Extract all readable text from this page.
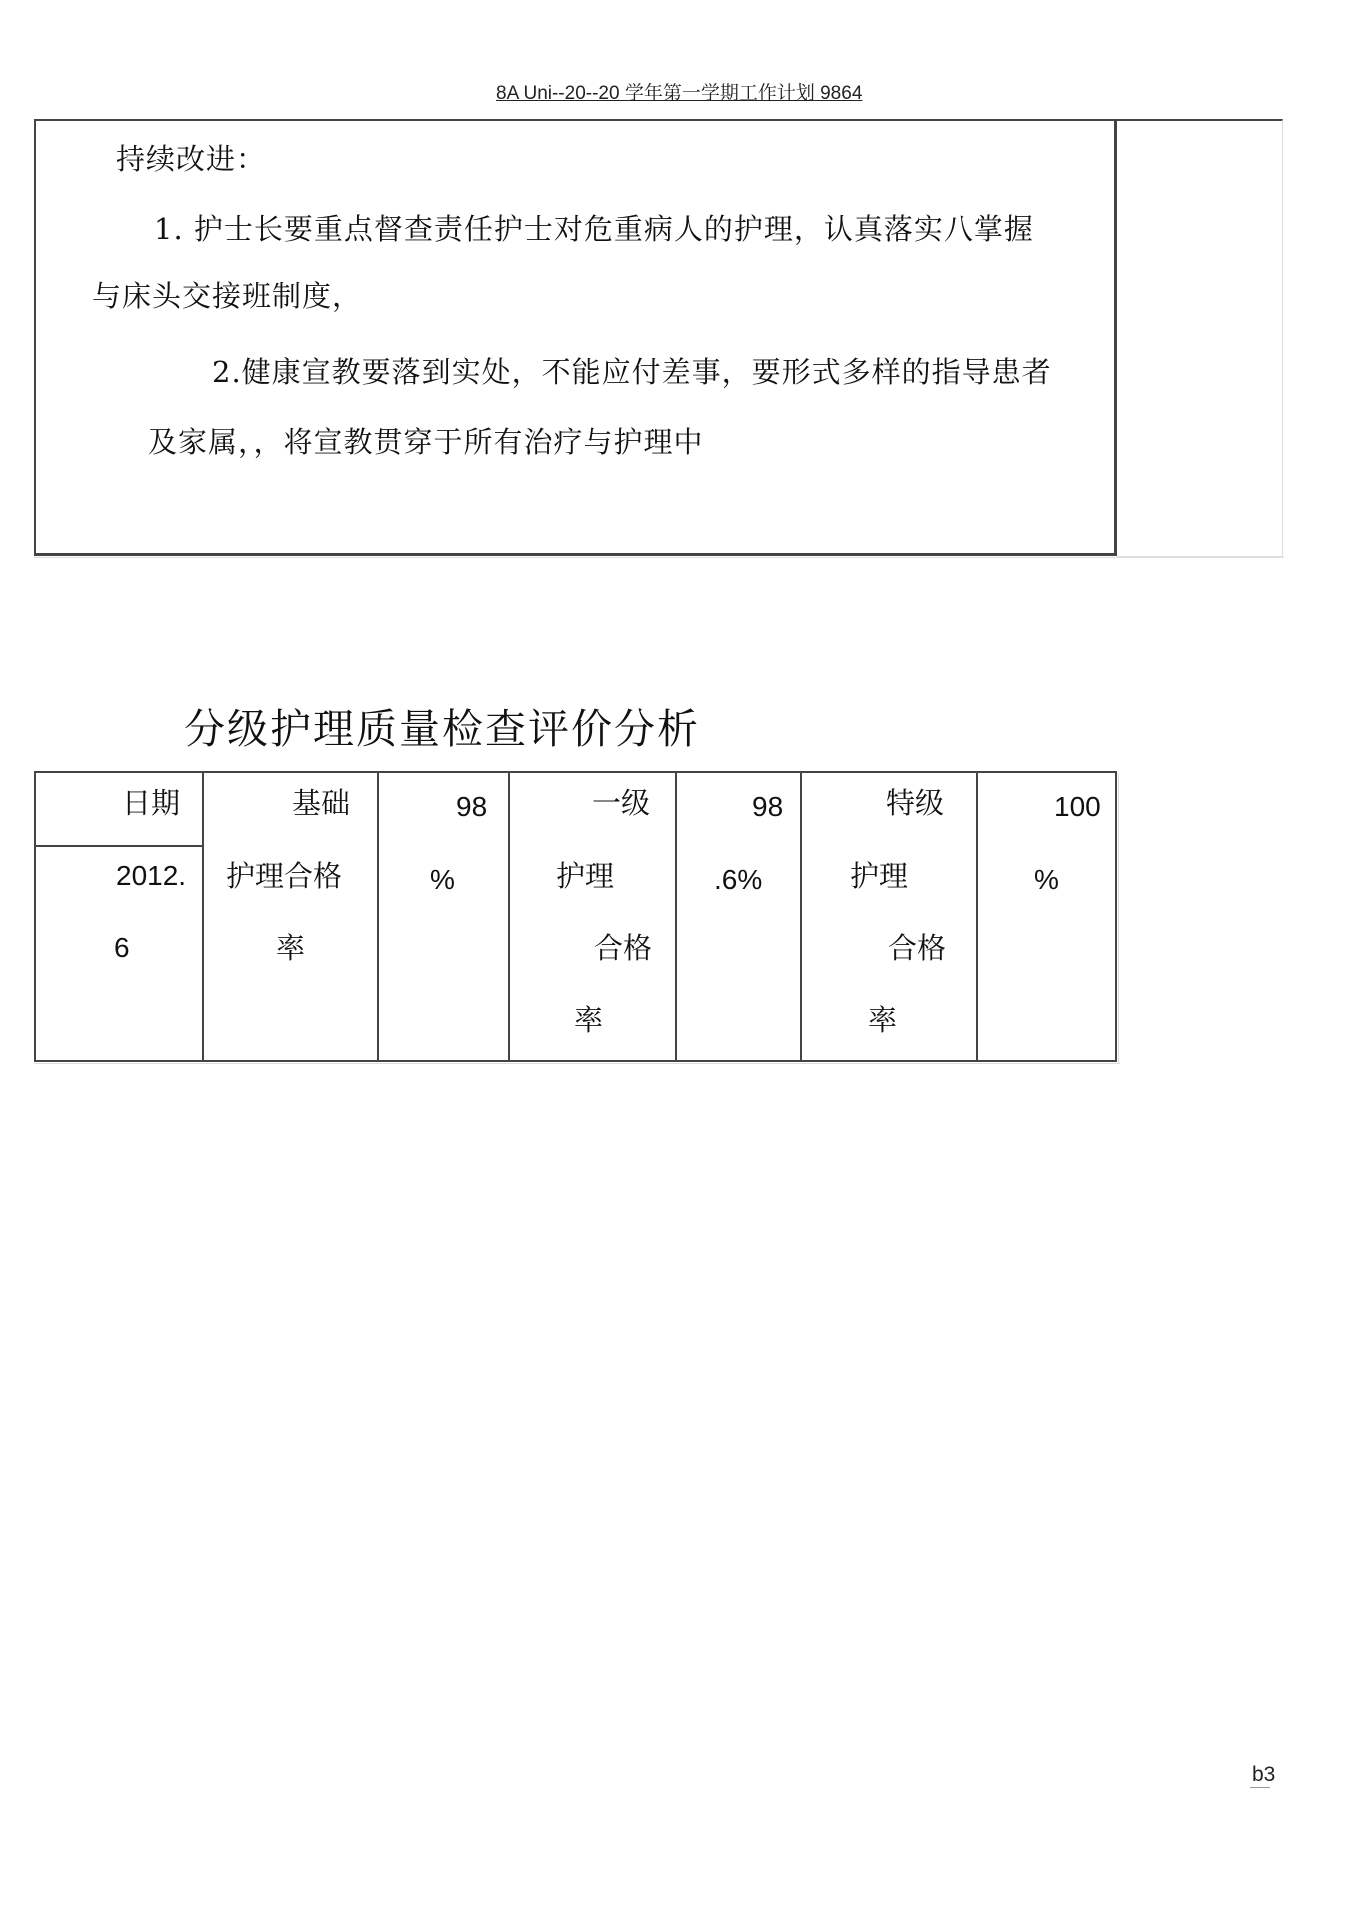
8A Uni--20--20 学年第一学期工作计划 9864
持续改进：
1. 护士长要重点督查责任护士对危重病人的护理，认真落实八掌握
与床头交接班制度，
2.健康宣教要落到实处，不能应付差事，要形式多样的指导患者
及家属，，将宣教贯穿于所有治疗与护理中
分级护理质量检查评价分析
日期
2012.
6
基础
护理合格
率
98
%
一级
护理
合格
率
98
.6%
特级
护理
合格
率
100
%
b3
